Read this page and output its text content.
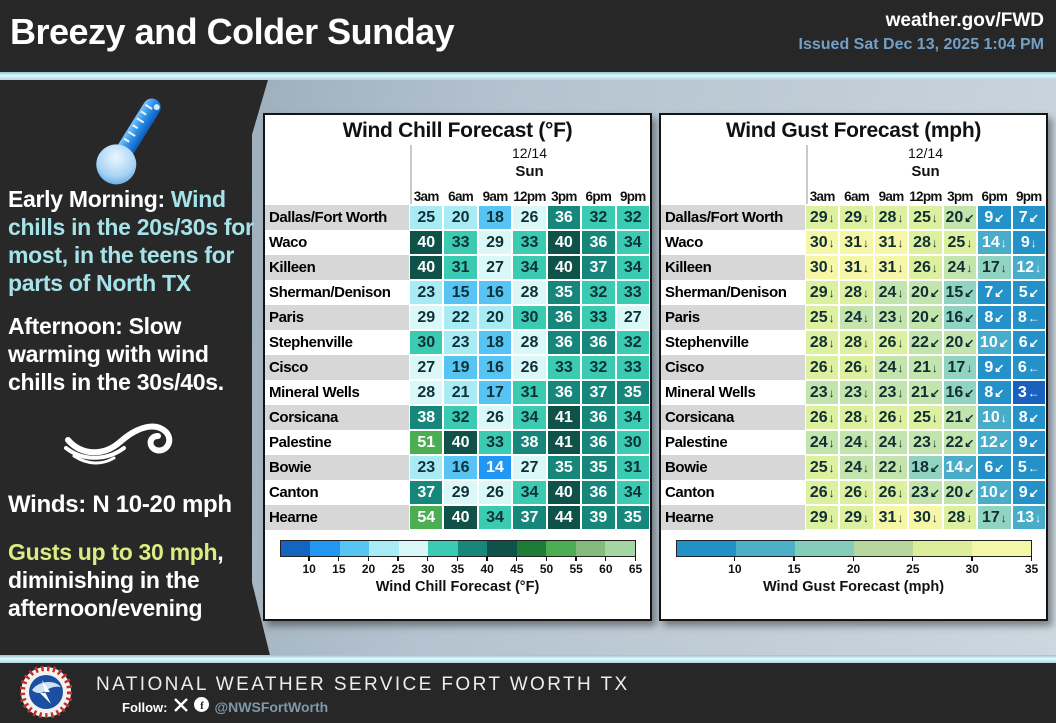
Breezy and Colder Sunday	weather.gov/FWD
Issued Sat Dec 13, 2025 1:04 PM
Early Morning: Wind chills in the 20s/30s for most, in the teens for parts of North TX
Afternoon: Slow warming with wind chills in the 30s/40s.
Winds: N 10-20 mph
Gusts up to 30 mph, diminishing in the afternoon/evening
Wind Chill Forecast (°F)
12/14
Sun
3am 6am 9am 12pm 3pm 6pm 9pm
Dallas/Fort Worth	25 20 18 26 36 32 32
Waco	40 33 29 33 40 36 34
Killeen	40 31 27 34 40 37 34
Sherman/Denison	23 15 16 28 35 32 33
Paris	29 22 20 30 36 33 27
Stephenville	30 23 18 28 36 36 32
Cisco	27 19 16 26 33 32 33
Mineral Wells	28 21 17 31 36 37 35
Corsicana	38 32 26 34 41 36 34
Palestine	51 40 33 38 41 36 30
Bowie	23 16 14 27 35 35 31
Canton	37 29 26 34 40 36 34
Hearne	54 40 34 37 44 39 35
10 15 20 25 30 35 40 45 50 55 60 65
Wind Chill Forecast (°F)
Wind Gust Forecast (mph)
12/14
Sun
3am 6am 9am 12pm 3pm 6pm 9pm
Dallas/Fort Worth	29 ↓ 29 ↓ 28 ↓ 25 ↓ 20 ↙ 9 ↙ 7 ↙
Waco	30 ↓ 31 ↓ 31 ↓ 28 ↓ 25 ↓ 14 ↓ 9 ↓
Killeen	30 ↓ 31 ↓ 31 ↓ 26 ↓ 24 ↓ 17 ↓ 12 ↓
Sherman/Denison	29 ↓ 28 ↓ 24 ↓ 20 ↙ 15 ↙ 7 ↙ 5 ↙
Paris	25 ↓ 24 ↓ 23 ↓ 20 ↙ 16 ↙ 8 ↙ 8 ←
Stephenville	28 ↓ 28 ↓ 26 ↓ 22 ↙ 20 ↙ 10 ↙ 6 ↙
Cisco	26 ↓ 26 ↓ 24 ↓ 21 ↓ 17 ↓ 9 ↙ 6 ←
Mineral Wells	23 ↓ 23 ↓ 23 ↓ 21 ↙ 16 ↙ 8 ↙ 3 ←
Corsicana	26 ↓ 28 ↓ 26 ↓ 25 ↓ 21 ↙ 10 ↓ 8 ↙
Palestine	24 ↓ 24 ↓ 24 ↓ 23 ↓ 22 ↙ 12 ↙ 9 ↙
Bowie	25 ↓ 24 ↓ 22 ↓ 18 ↙ 14 ↙ 6 ↙ 5 ←
Canton	26 ↓ 26 ↓ 26 ↓ 23 ↙ 20 ↙ 10 ↙ 9 ↙
Hearne	29 ↓ 29 ↓ 31 ↓ 30 ↓ 28 ↓ 17 ↓ 13 ↓
10	15	20	25	30	35
Wind Gust Forecast (mph)
NATIONAL WEATHER SERVICE FORT WORTH TX
Follow:	f @NWSFortWorth
